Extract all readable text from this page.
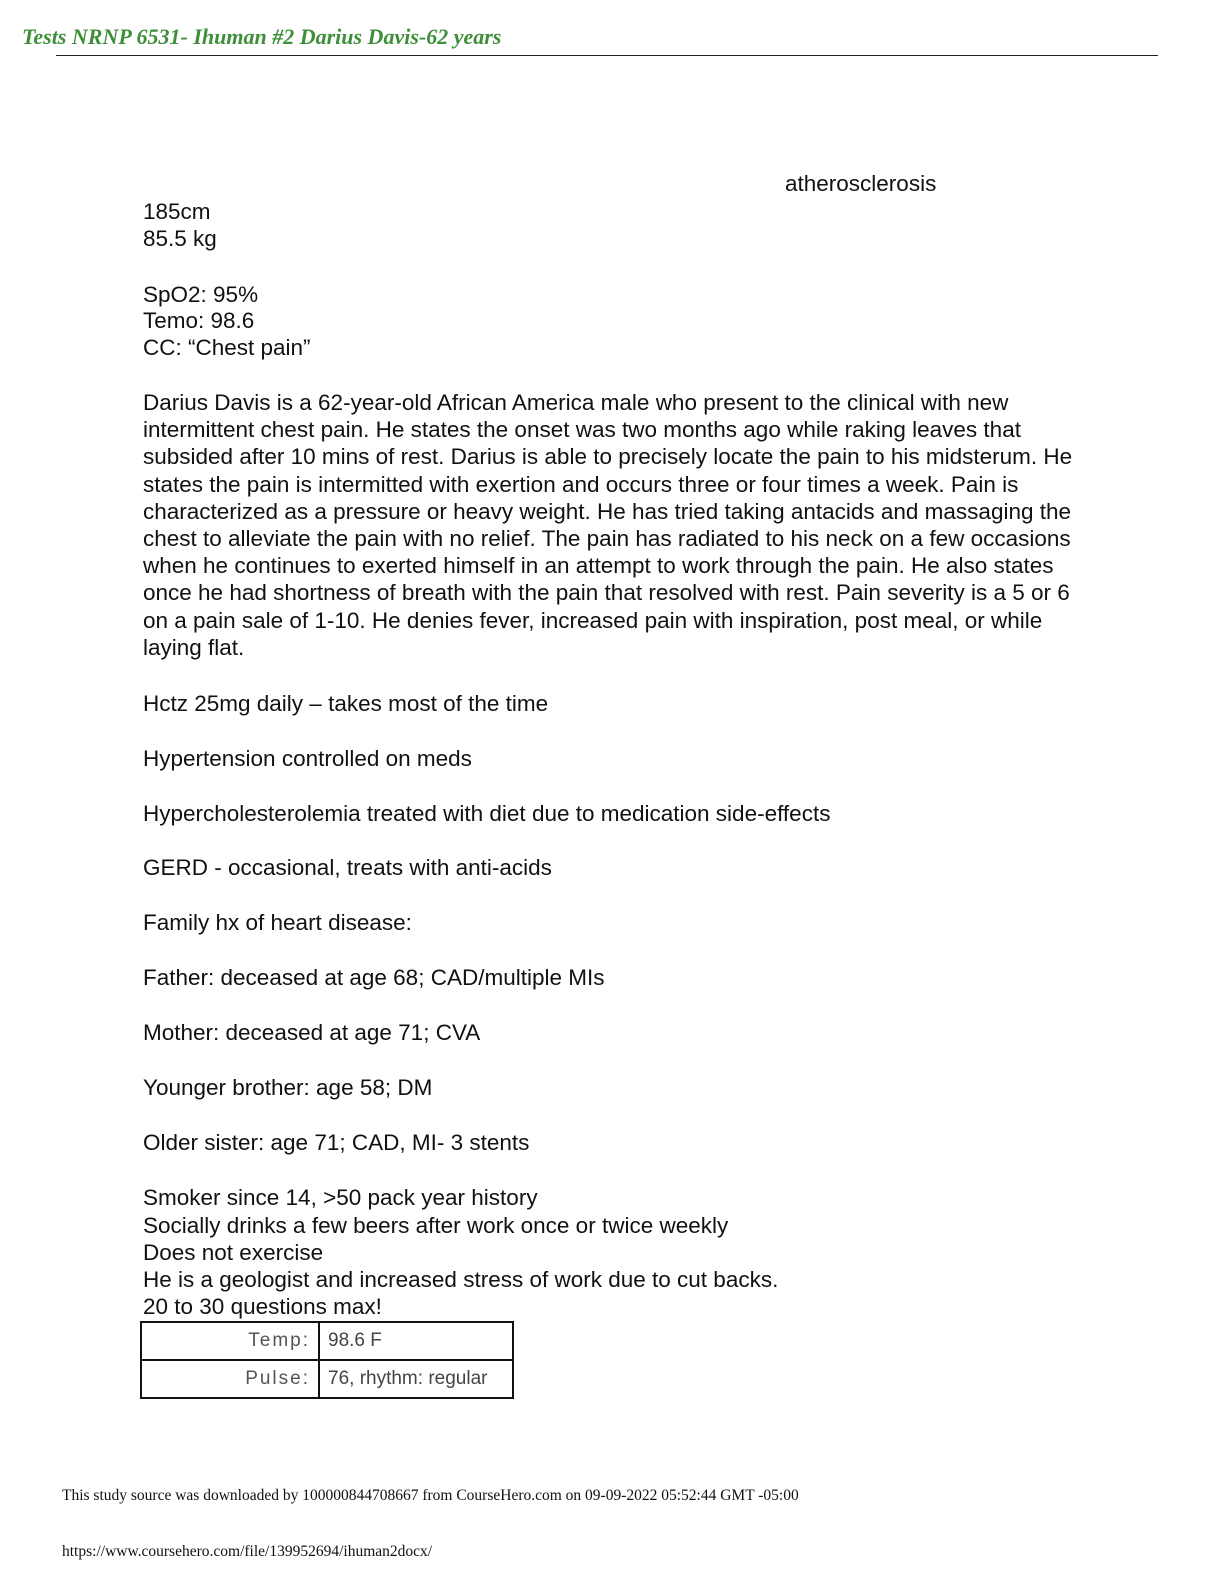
Tests NRNP 6531- Ihuman #2 Darius Davis-62 years
atherosclerosis
185cm
85.5 kg
SpO2: 95%
Temo: 98.6
CC: “Chest pain”
Darius Davis is a 62-year-old African America male who present to the clinical with new intermittent chest pain. He states the onset was two months ago while raking leaves that subsided after 10 mins of rest. Darius is able to precisely locate the pain to his midsterum. He states the pain is intermitted with exertion and occurs three or four times a week. Pain is characterized as a pressure or heavy weight. He has tried taking antacids and massaging the chest to alleviate the pain with no relief. The pain has radiated to his neck on a few occasions when he continues to exerted himself in an attempt to work through the pain. He also states once he had shortness of breath with the pain that resolved with rest. Pain severity is a 5 or 6 on a pain sale of 1-10. He denies fever, increased pain with inspiration, post meal, or while laying flat.
Hctz 25mg daily – takes most of the time
Hypertension controlled on meds
Hypercholesterolemia treated with diet due to medication side-effects
GERD - occasional, treats with anti-acids
Family hx of heart disease:
Father: deceased at age 68; CAD/multiple MIs
Mother: deceased at age 71; CVA
Younger brother: age 58; DM
Older sister: age 71; CAD, MI- 3 stents
Smoker since 14, >50 pack year history
Socially drinks a few beers after work once or twice weekly
Does not exercise
He is a geologist and increased stress of work due to cut backs.
20 to 30 questions max!
Temp:	98.6 F
Pulse:	76, rhythm: regular
This study source was downloaded by 100000844708667 from CourseHero.com on 09-09-2022 05:52:44 GMT -05:00
https://www.coursehero.com/file/139952694/ihuman2docx/
